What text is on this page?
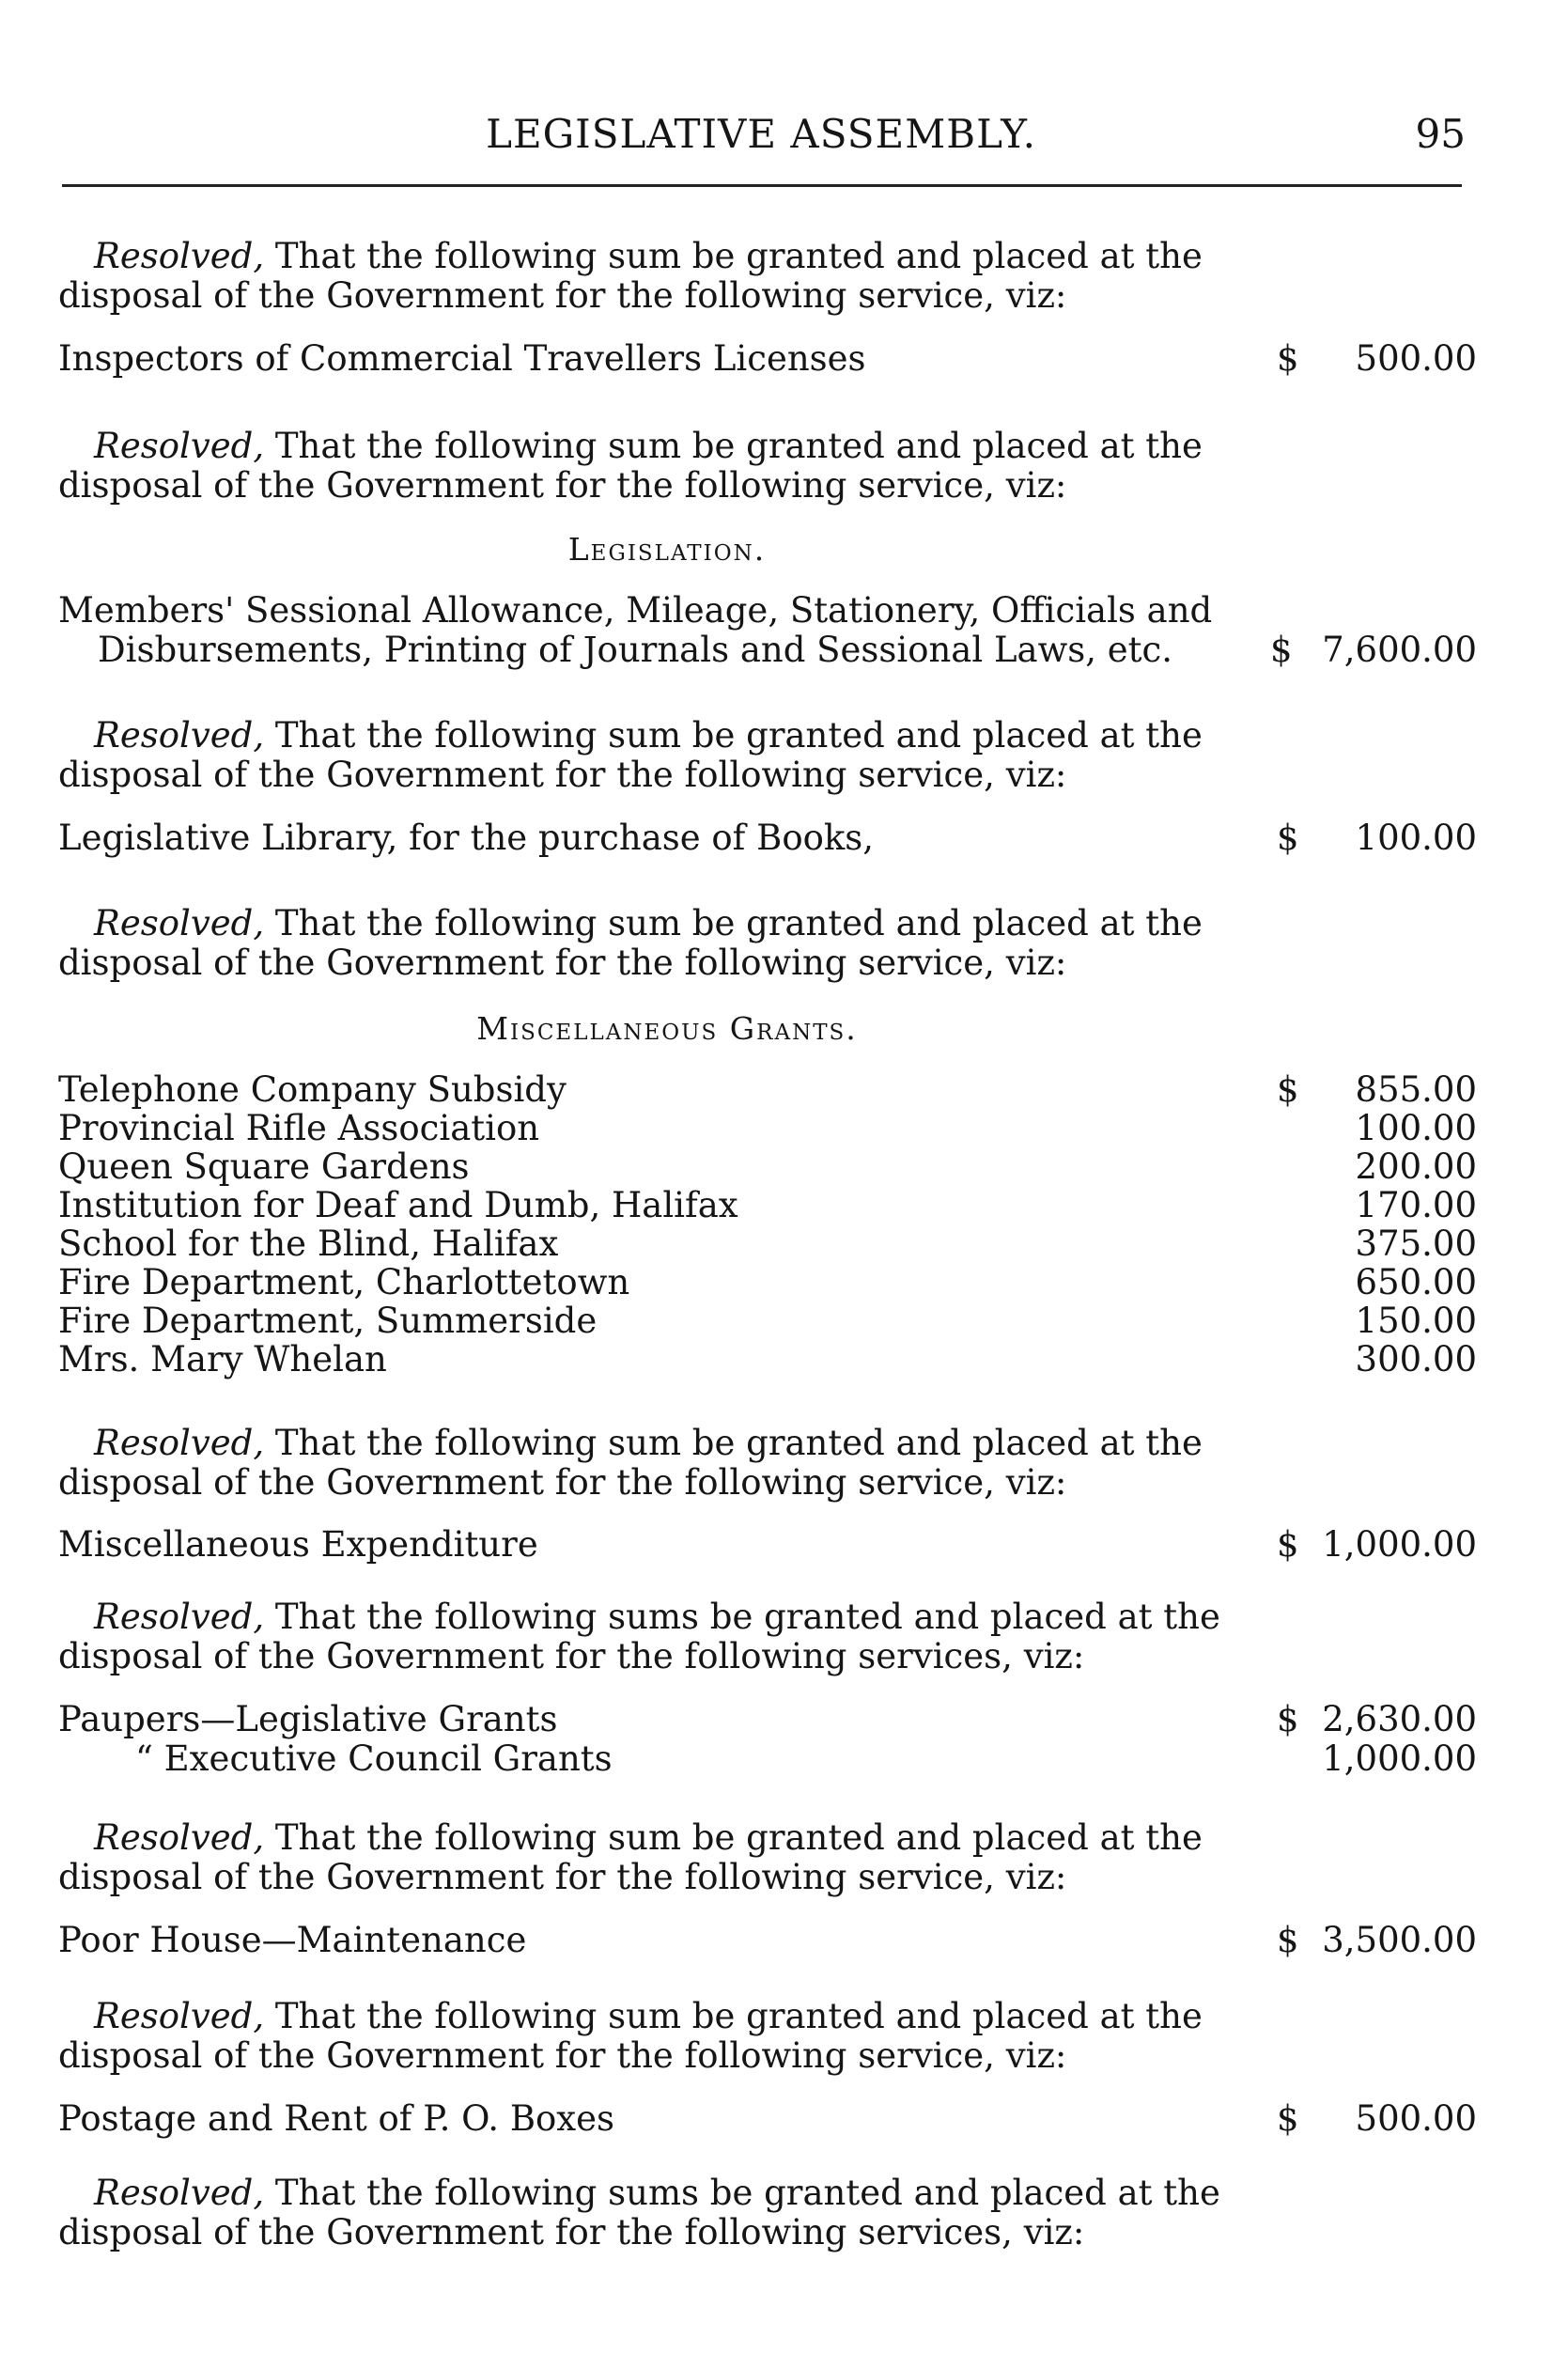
LEGISLATIVE ASSEMBLY.	95
Resolved, That the following sum be granted and placed at the
disposal of the Government for the following service, viz:
Inspectors of Commercial Travellers Licenses	$ 500.00
Resolved, That the following sum be granted and placed at the
disposal of the Government for the following service, viz:
Legislation.
Members' Sessional Allowance, Mileage, Stationery, Officials and
Disbursements, Printing of Journals and Sessional Laws, etc.	$ 7,600.00
Resolved, That the following sum be granted and placed at the
disposal of the Government for the following service, viz:
Legislative Library, for the purchase of Books,	$ 100.00
Resolved, That the following sum be granted and placed at the
disposal of the Government for the following service, viz:
Miscellaneous Grants.
Telephone Company Subsidy	$ 855.00
Provincial Rifle Association	100.00
Queen Square Gardens	200.00
Institution for Deaf and Dumb, Halifax	170.00
School for the Blind, Halifax	375.00
Fire Department, Charlottetown	650.00
Fire Department, Summerside	150.00
Mrs. Mary Whelan	300.00
Resolved, That the following sum be granted and placed at the
disposal of the Government for the following service, viz:
Miscellaneous Expenditure	$ 1,000.00
Resolved, That the following sums be granted and placed at the
disposal of the Government for the following services, viz:
Paupers—Legislative Grants	$ 2,630.00
“ Executive Council Grants	1,000.00
Resolved, That the following sum be granted and placed at the
disposal of the Government for the following service, viz:
Poor House—Maintenance	$ 3,500.00
Resolved, That the following sum be granted and placed at the
disposal of the Government for the following service, viz:
Postage and Rent of P. O. Boxes	$ 500.00
Resolved, That the following sums be granted and placed at the
disposal of the Government for the following services, viz:
